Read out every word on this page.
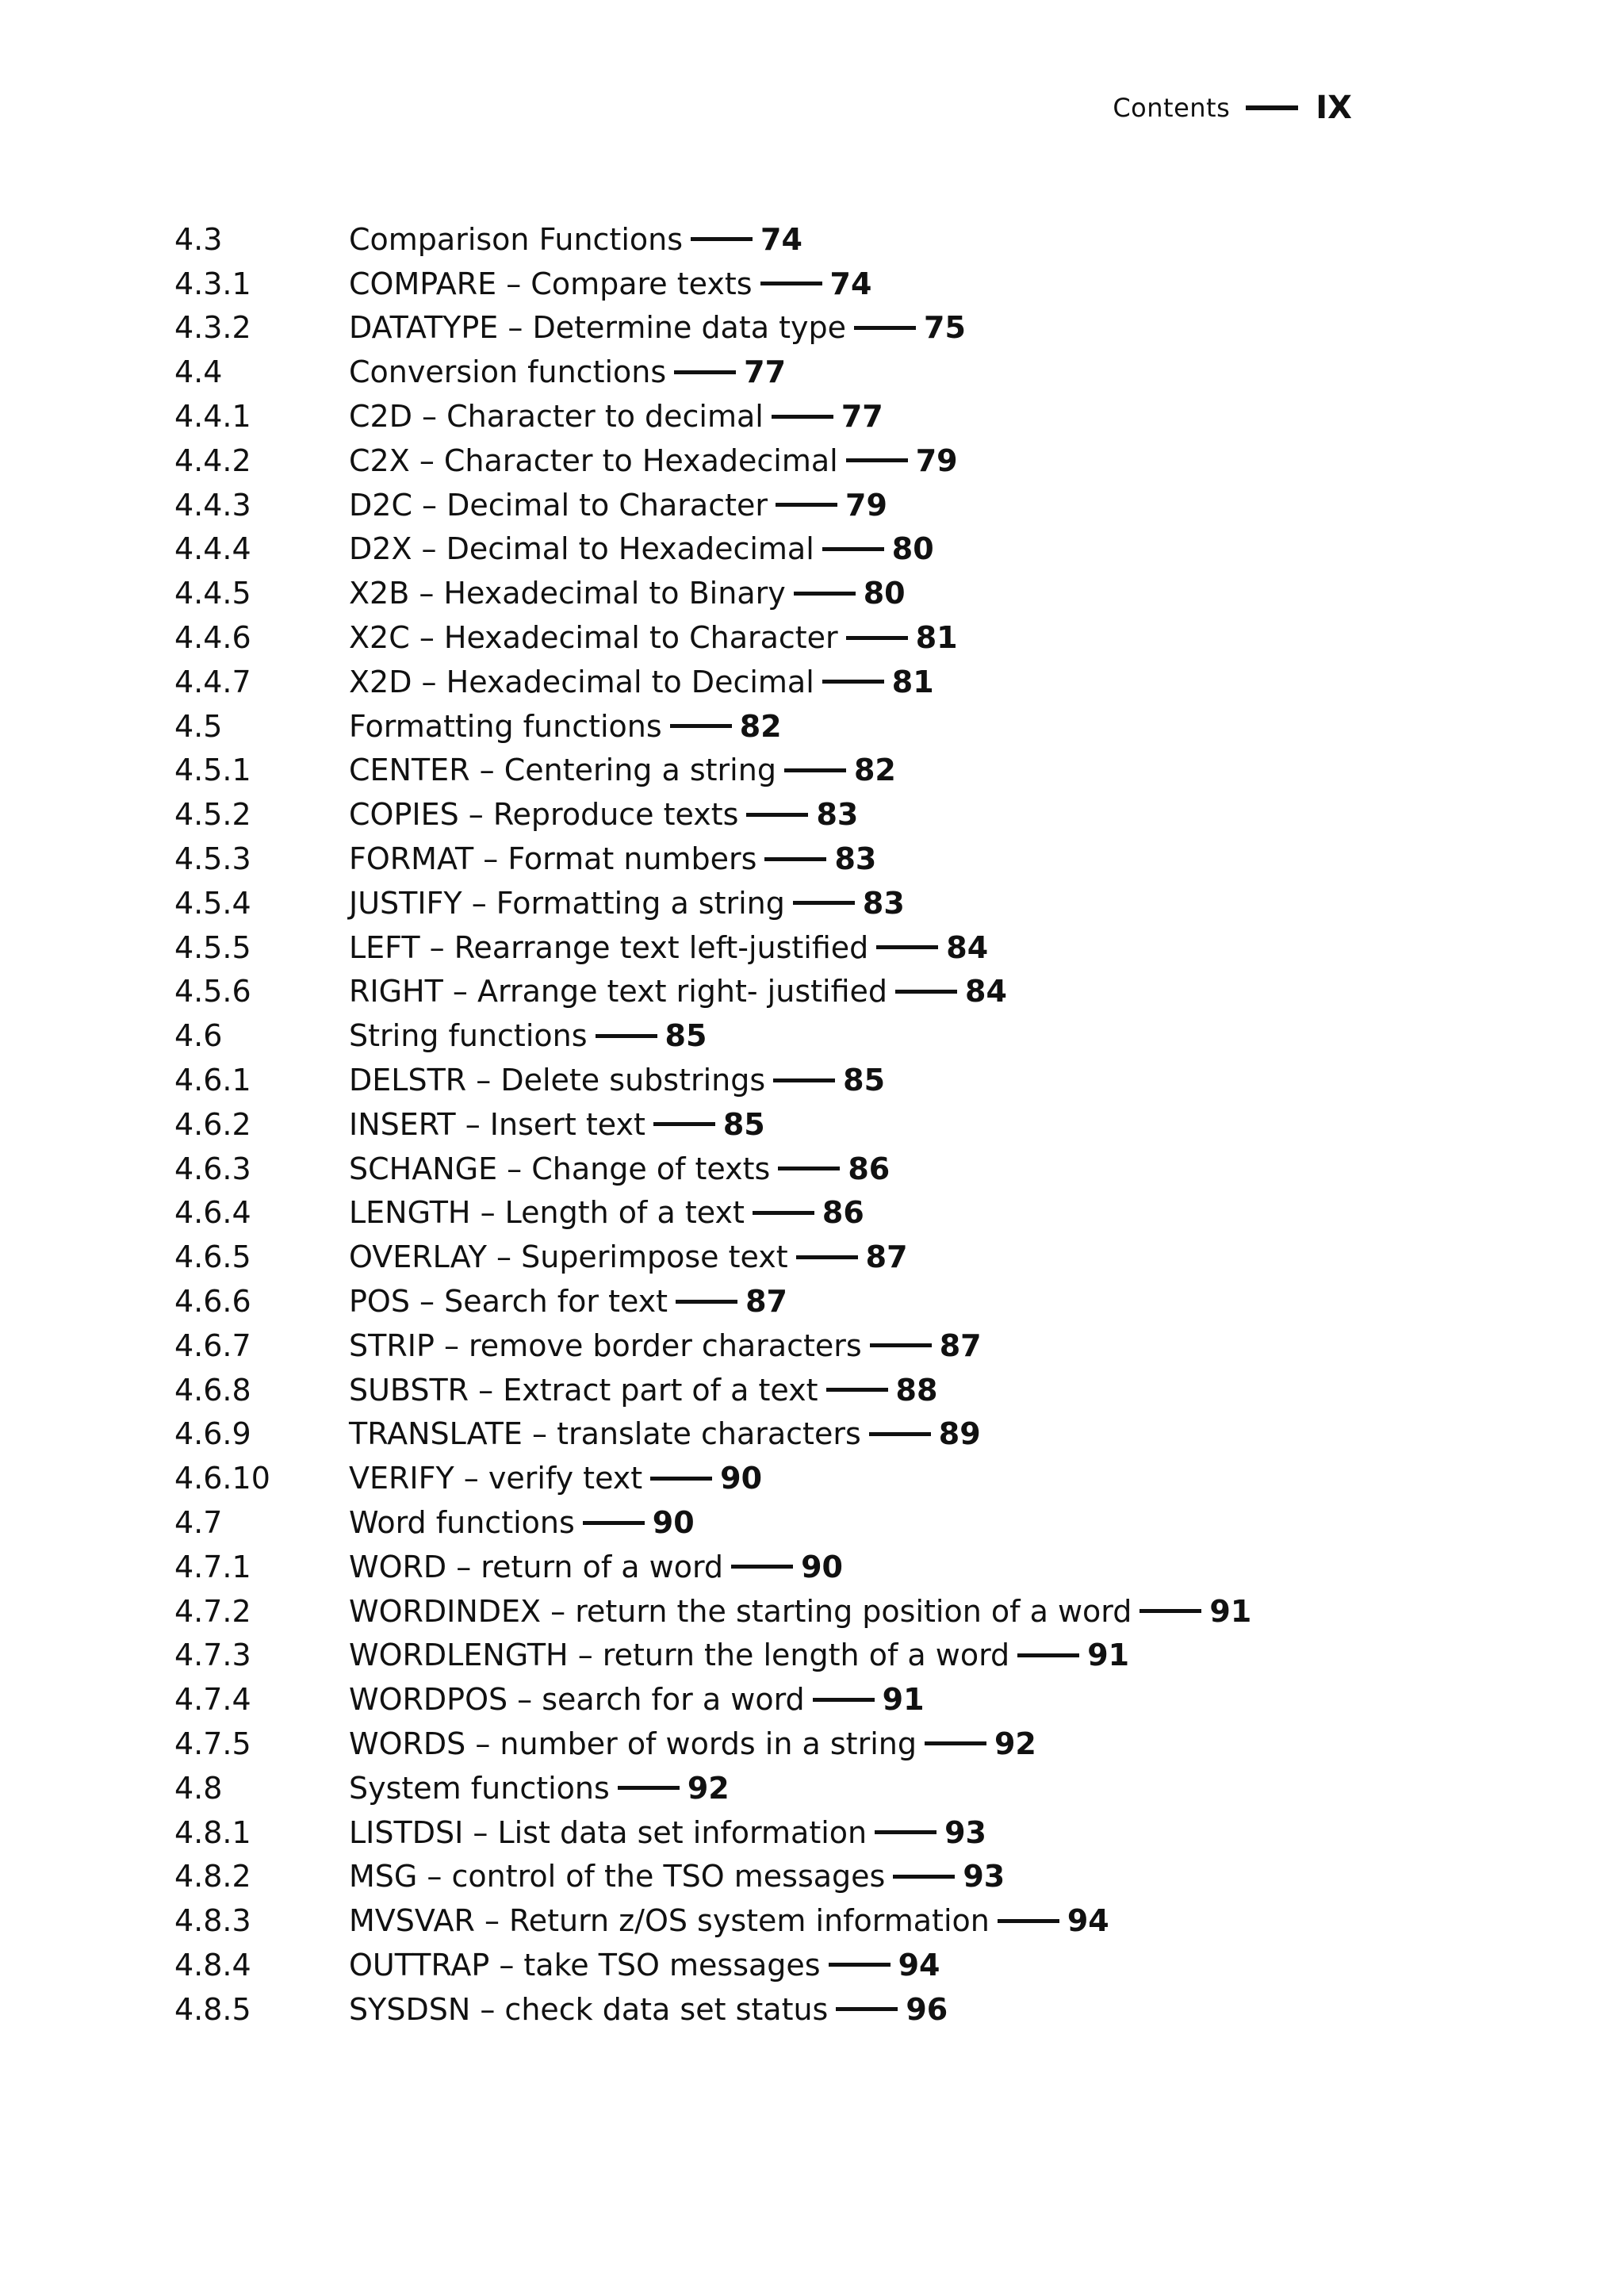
Contents	IX
4.3	Comparison Functions	74
4.3.1	COMPARE – Compare texts	74
4.3.2	DATATYPE – Determine data type	75
4.4	Conversion functions	77
4.4.1	C2D – Character to decimal	77
4.4.2	C2X – Character to Hexadecimal	79
4.4.3	D2C – Decimal to Character	79
4.4.4	D2X – Decimal to Hexadecimal	80
4.4.5	X2B – Hexadecimal to Binary	80
4.4.6	X2C – Hexadecimal to Character	81
4.4.7	X2D – Hexadecimal to Decimal	81
4.5	Formatting functions	82
4.5.1	CENTER – Centering a string	82
4.5.2	COPIES – Reproduce texts	83
4.5.3	FORMAT – Format numbers	83
4.5.4	JUSTIFY – Formatting a string	83
4.5.5	LEFT – Rearrange text left-justified	84
4.5.6	RIGHT – Arrange text right- justified	84
4.6	String functions	85
4.6.1	DELSTR – Delete substrings	85
4.6.2	INSERT – Insert text	85
4.6.3	SCHANGE – Change of texts	86
4.6.4	LENGTH – Length of a text	86
4.6.5	OVERLAY – Superimpose text	87
4.6.6	POS – Search for text	87
4.6.7	STRIP – remove border characters	87
4.6.8	SUBSTR – Extract part of a text	88
4.6.9	TRANSLATE – translate characters	89
4.6.10	VERIFY – verify text	90
4.7	Word functions	90
4.7.1	WORD – return of a word	90
4.7.2	WORDINDEX – return the starting position of a word	91
4.7.3	WORDLENGTH – return the length of a word	91
4.7.4	WORDPOS – search for a word	91
4.7.5	WORDS – number of words in a string	92
4.8	System functions	92
4.8.1	LISTDSI – List data set information	93
4.8.2	MSG – control of the TSO messages	93
4.8.3	MVSVAR – Return z/OS system information	94
4.8.4	OUTTRAP – take TSO messages	94
4.8.5	SYSDSN – check data set status	96
